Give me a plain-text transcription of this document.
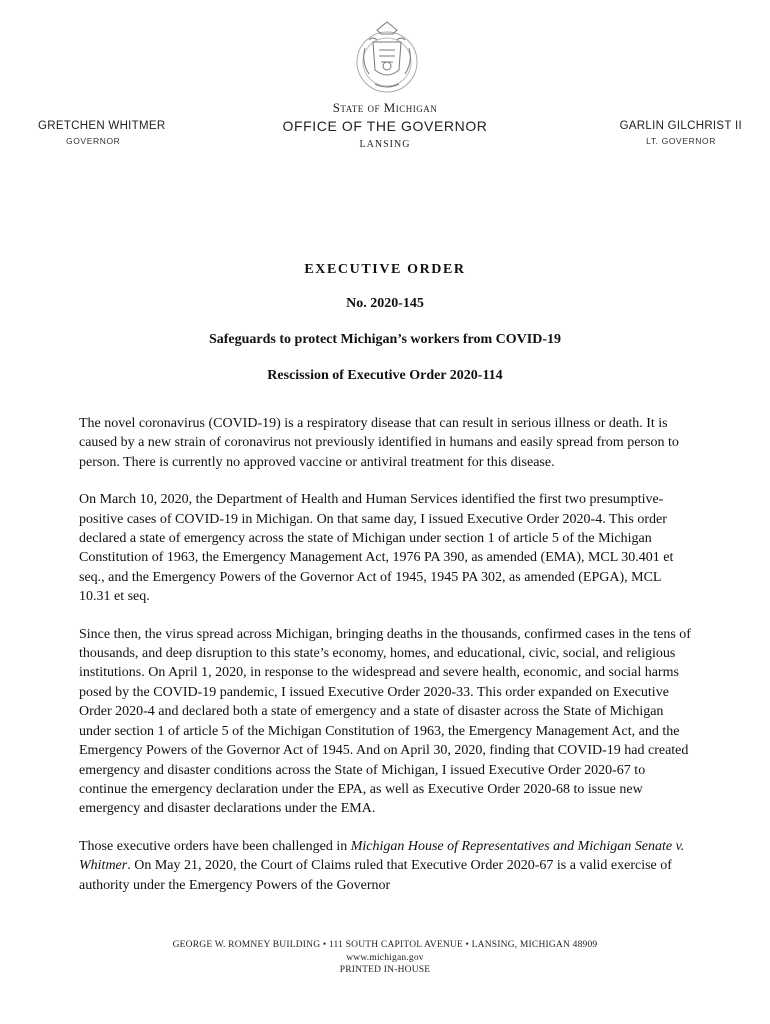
State of Michigan
OFFICE OF THE GOVERNOR
LANSING
GRETCHEN WHITMER
GOVERNOR
GARLIN GILCHRIST II
LT. GOVERNOR
EXECUTIVE ORDER
No. 2020-145
Safeguards to protect Michigan’s workers from COVID-19
Rescission of Executive Order 2020-114

The novel coronavirus (COVID-19) is a respiratory disease that can result in serious illness or death. It is caused by a new strain of coronavirus not previously identified in humans and easily spread from person to person. There is currently no approved vaccine or antiviral treatment for this disease.

On March 10, 2020, the Department of Health and Human Services identified the first two presumptive-positive cases of COVID-19 in Michigan. On that same day, I issued Executive Order 2020-4. This order declared a state of emergency across the state of Michigan under section 1 of article 5 of the Michigan Constitution of 1963, the Emergency Management Act, 1976 PA 390, as amended (EMA), MCL 30.401 et seq., and the Emergency Powers of the Governor Act of 1945, 1945 PA 302, as amended (EPGA), MCL 10.31 et seq.

Since then, the virus spread across Michigan, bringing deaths in the thousands, confirmed cases in the tens of thousands, and deep disruption to this state’s economy, homes, and educational, civic, social, and religious institutions. On April 1, 2020, in response to the widespread and severe health, economic, and social harms posed by the COVID-19 pandemic, I issued Executive Order 2020-33. This order expanded on Executive Order 2020-4 and declared both a state of emergency and a state of disaster across the State of Michigan under section 1 of article 5 of the Michigan Constitution of 1963, the Emergency Management Act, and the Emergency Powers of the Governor Act of 1945. And on April 30, 2020, finding that COVID-19 had created emergency and disaster conditions across the State of Michigan, I issued Executive Order 2020-67 to continue the emergency declaration under the EPA, as well as Executive Order 2020-68 to issue new emergency and disaster declarations under the EMA.

Those executive orders have been challenged in Michigan House of Representatives and Michigan Senate v. Whitmer. On May 21, 2020, the Court of Claims ruled that Executive Order 2020-67 is a valid exercise of authority under the Emergency Powers of the Governor

GEORGE W. ROMNEY BUILDING • 111 SOUTH CAPITOL AVENUE • LANSING, MICHIGAN 48909
www.michigan.gov
PRINTED IN-HOUSE
